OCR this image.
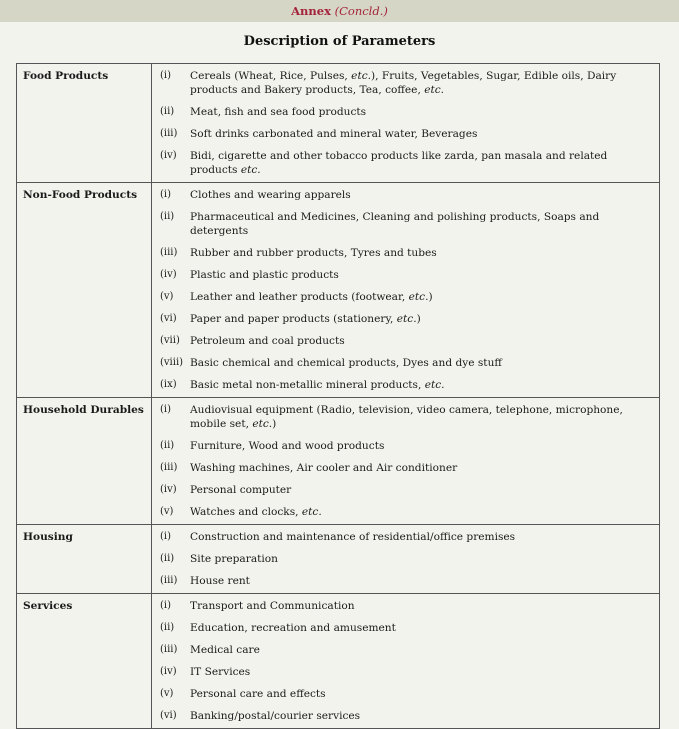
Annex (Concld.)
Description of Parameters
Food Products	(i)	Cereals (Wheat, Rice, Pulses, etc.), Fruits, Vegetables, Sugar, Edible oils, Dairy products and Bakery products, Tea, coffee, etc.
	(ii)	Meat, fish and sea food products
	(iii)	Soft drinks carbonated and mineral water, Beverages
	(iv)	Bidi, cigarette and other tobacco products like zarda, pan masala and related products etc.
Non-Food Products	(i)	Clothes and wearing apparels
	(ii)	Pharmaceutical and Medicines, Cleaning and polishing products, Soaps and detergents
	(iii)	Rubber and rubber products, Tyres and tubes
	(iv)	Plastic and plastic products
	(v)	Leather and leather products (footwear, etc.)
	(vi)	Paper and paper products (stationery, etc.)
	(vii)	Petroleum and coal products
	(viii)	Basic chemical and chemical products, Dyes and dye stuff
	(ix)	Basic metal non-metallic mineral products, etc.
Household Durables	(i)	Audiovisual equipment (Radio, television, video camera, telephone, microphone, mobile set, etc.)
	(ii)	Furniture, Wood and wood products
	(iii)	Washing machines, Air cooler and Air conditioner
	(iv)	Personal computer
	(v)	Watches and clocks, etc.
Housing	(i)	Construction and maintenance of residential/office premises
	(ii)	Site preparation
	(iii)	House rent
Services	(i)	Transport and Communication
	(ii)	Education, recreation and amusement
	(iii)	Medical care
	(iv)	IT Services
	(v)	Personal care and effects
	(vi)	Banking/postal/courier services
